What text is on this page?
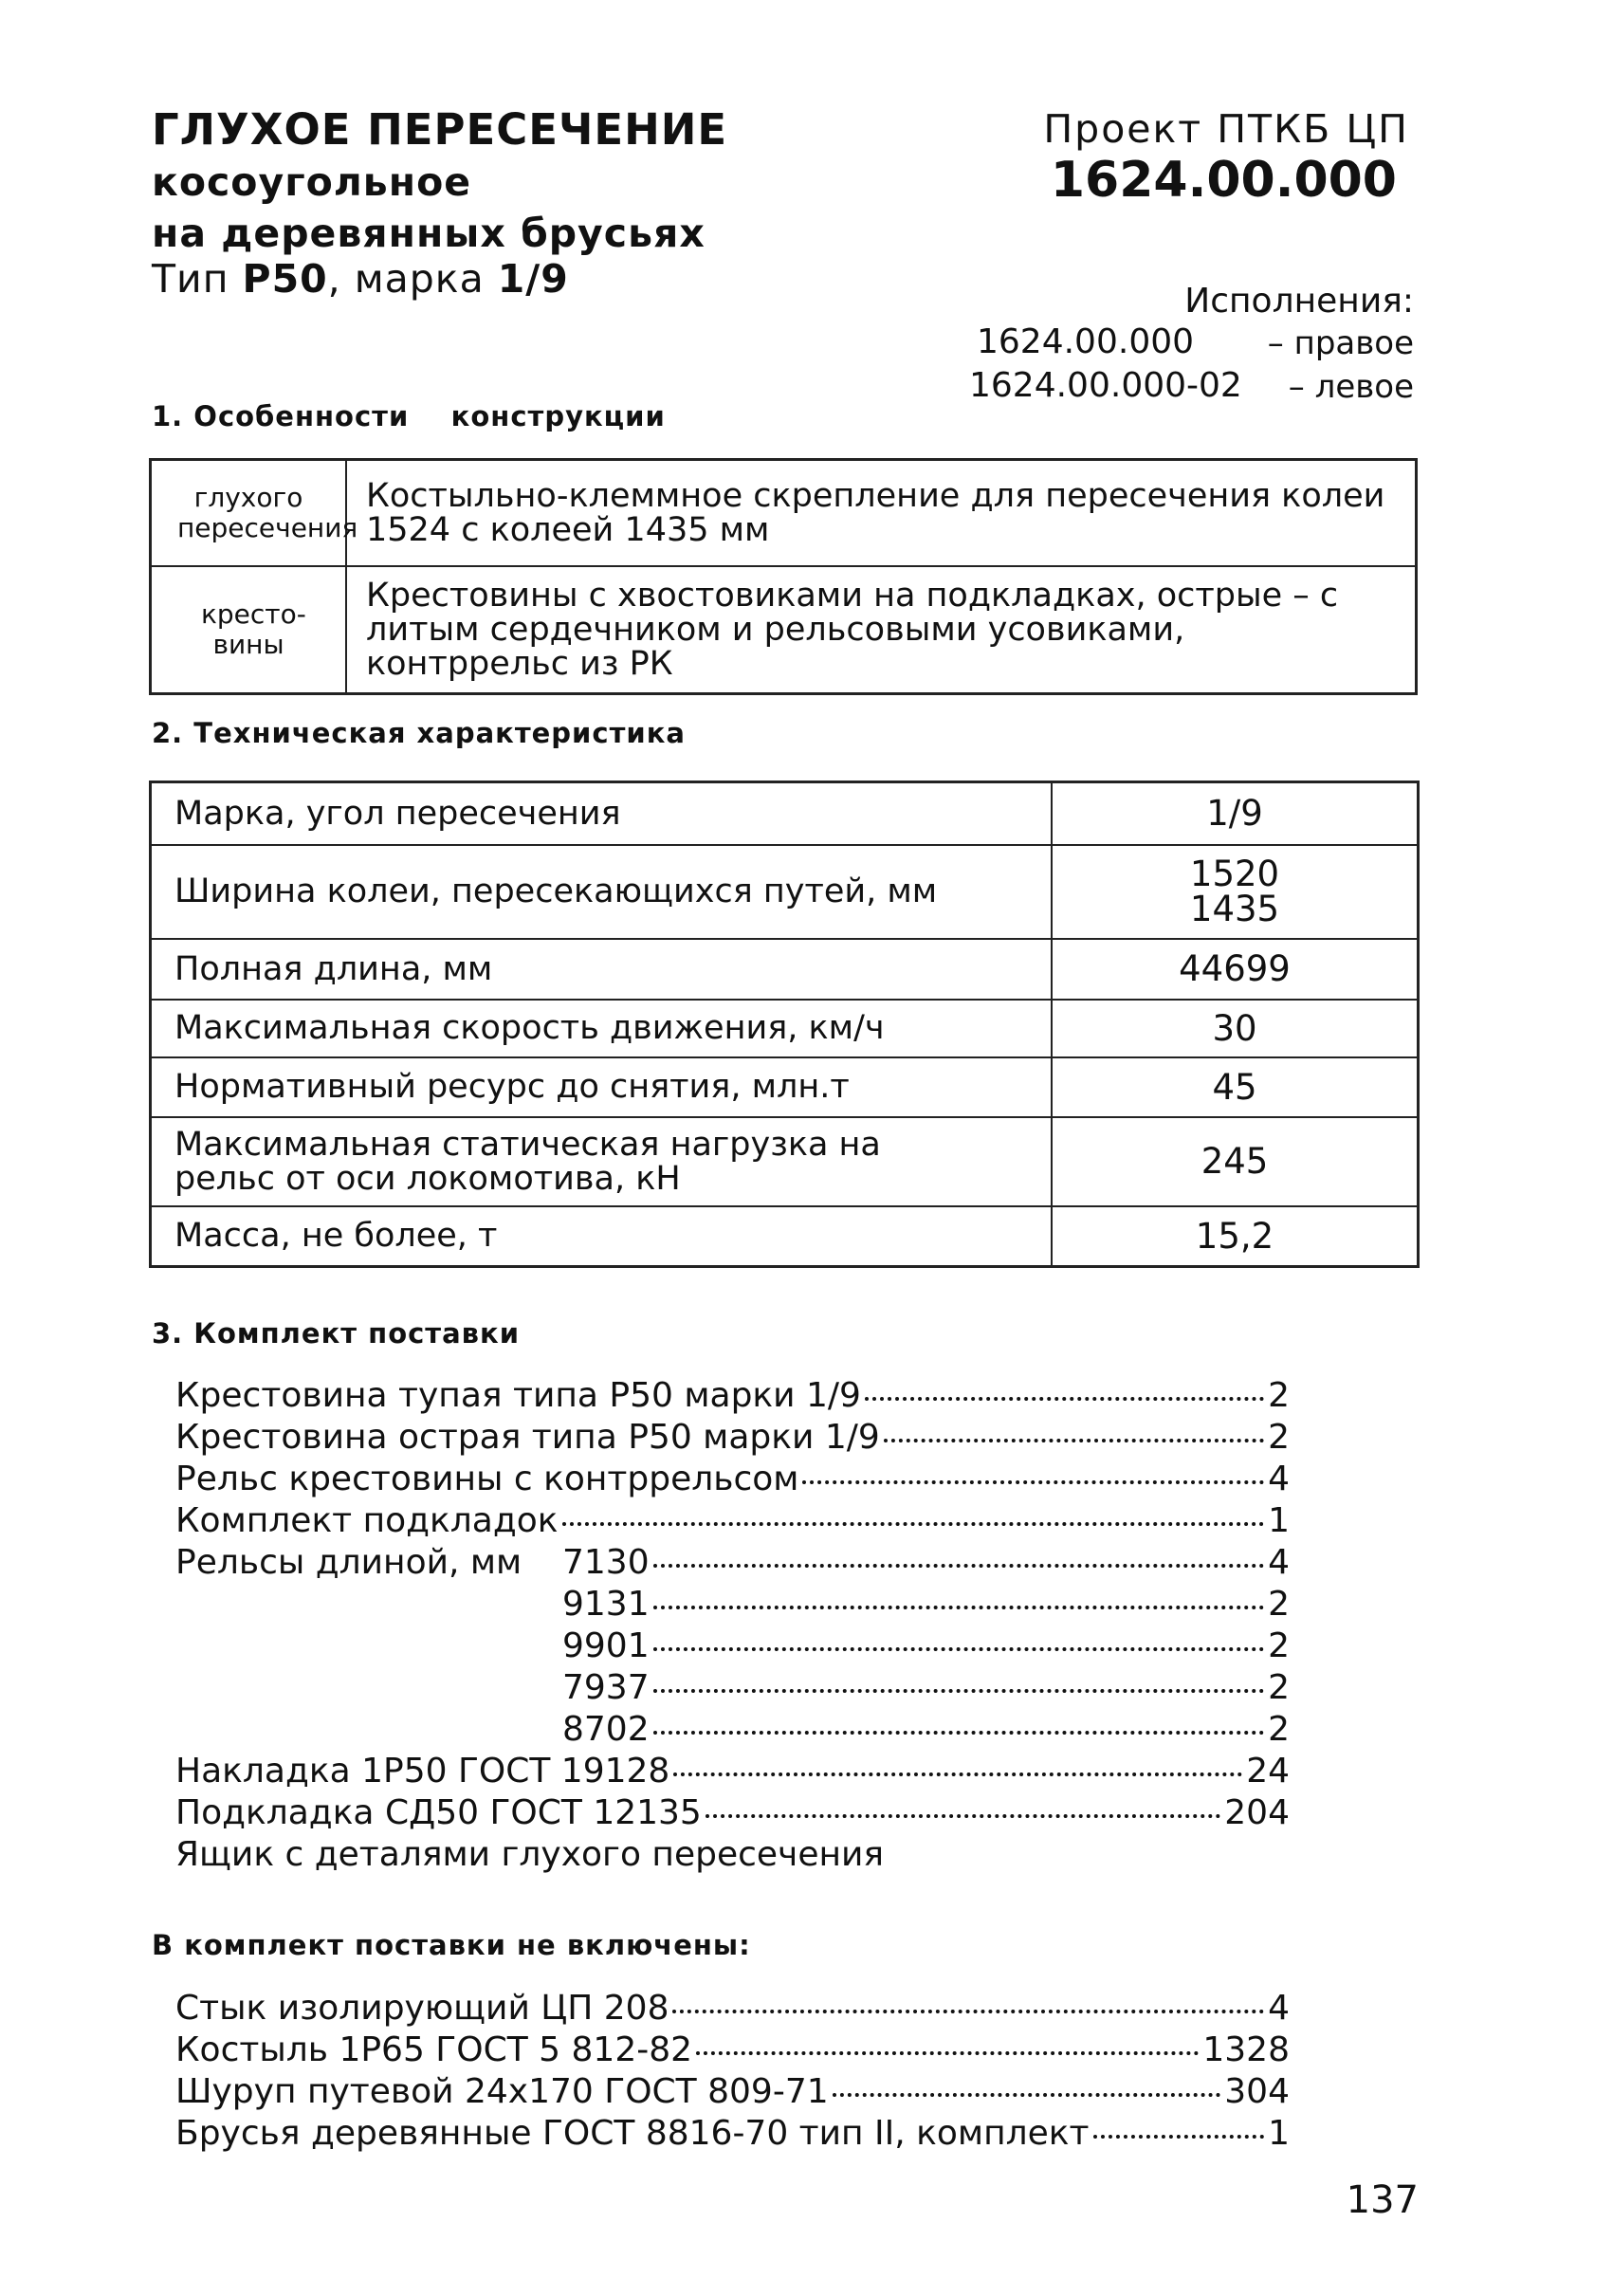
ГЛУХОЕ ПЕРЕСЕЧЕНИЕ
косоугольное
на деревянных брусьях
Тип Р50, марка 1/9
Проект ПТКБ ЦП
1624.00.000
Исполнения:
1624.00.000 – правое
1624.00.000-02 – левое
1. Особенности    конструкции
глухого пересечения	Костыльно-клеммное скрепление для пересечения колеи 1524 с колеей 1435 мм

кресто-вины	Крестовины с хвостовиками на подкладках, острые – с литым сердечником и рельсовыми усовиками, контррельс из РК
2. Техническая характеристика
Марка, угол пересечения	1/9
Ширина колеи, пересекающихся путей, мм	1520
1435
Полная длина, мм	44699
Максимальная скорость движения, км/ч	30
Нормативный ресурс до снятия, млн.т	45

Максимальная статическая нагрузка на рельс от оси локомотива, кН	245
Масса, не более, т	15,2
3. Комплект поставки
Крестовина тупая типа Р50 марки 1/9	2
Крестовина острая типа Р50 марки 1/9	2
Рельс крестовины с контррельсом	4
Комплект подкладок	1
Рельсы длиной, мм 7130	4
9131	2
9901	2
7937	2
8702	2
Накладка 1Р50 ГОСТ 19128	24
Подкладка СД50 ГОСТ 12135	204
Ящик с деталями глухого пересечения
В комплект поставки не включены:
Стык изолирующий ЦП 208	4
Костыль 1Р65 ГОСТ 5 812-82	1328
Шуруп путевой 24х170 ГОСТ 809-71	304
Брусья деревянные ГОСТ 8816-70 тип II, комплект	1
137
